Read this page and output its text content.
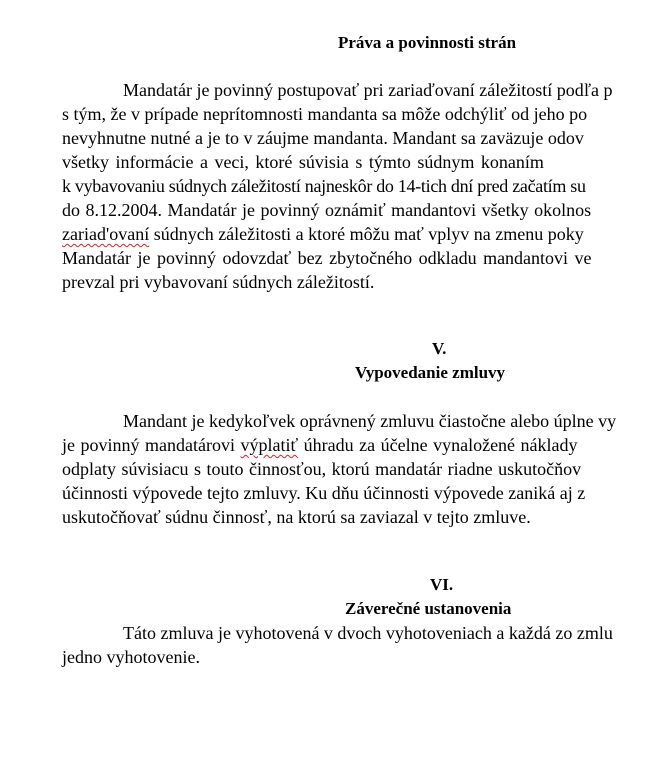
Práva a povinnosti strán
Mandatár je povinný postupovať pri zariaďovaní záležitostí podľa p
s tým, že v prípade neprítomnosti mandanta sa môže odchýliť od jeho po
nevyhnutne nutné a je to v záujme mandanta. Mandant sa zaväzuje odov
všetky informácie a veci, ktoré súvisia s týmto súdnym konaním
k vybavovaniu súdnych záležitostí najneskôr do 14-tich dní pred začatím su
do 8.12.2004. Mandatár je povinný oznámiť mandantovi všetky okolnos
zariad'ovaní súdnych záležitosti a ktoré môžu mať vplyv na zmenu poky
Mandatár je povinný odovzdať bez zbytočného odkladu mandantovi ve
prevzal pri vybavovaní súdnych záležitostí.
V.
Vypovedanie zmluvy
Mandant je kedykoľvek oprávnený zmluvu čiastočne alebo úplne vy
je povinný mandatárovi výplatiť úhradu za účelne vynaložené náklady
odplaty súvisiacu s touto činnosťou, ktorú mandatár riadne uskutočňov
účinnosti výpovede tejto zmluvy. Ku dňu účinnosti výpovede zaniká aj z
uskutočňovať súdnu činnosť, na ktorú sa zaviazal v tejto zmluve.
VI.
Záverečné ustanovenia
Táto zmluva je vyhotovená v dvoch vyhotoveniach a každá zo zmlu
jedno vyhotovenie.
